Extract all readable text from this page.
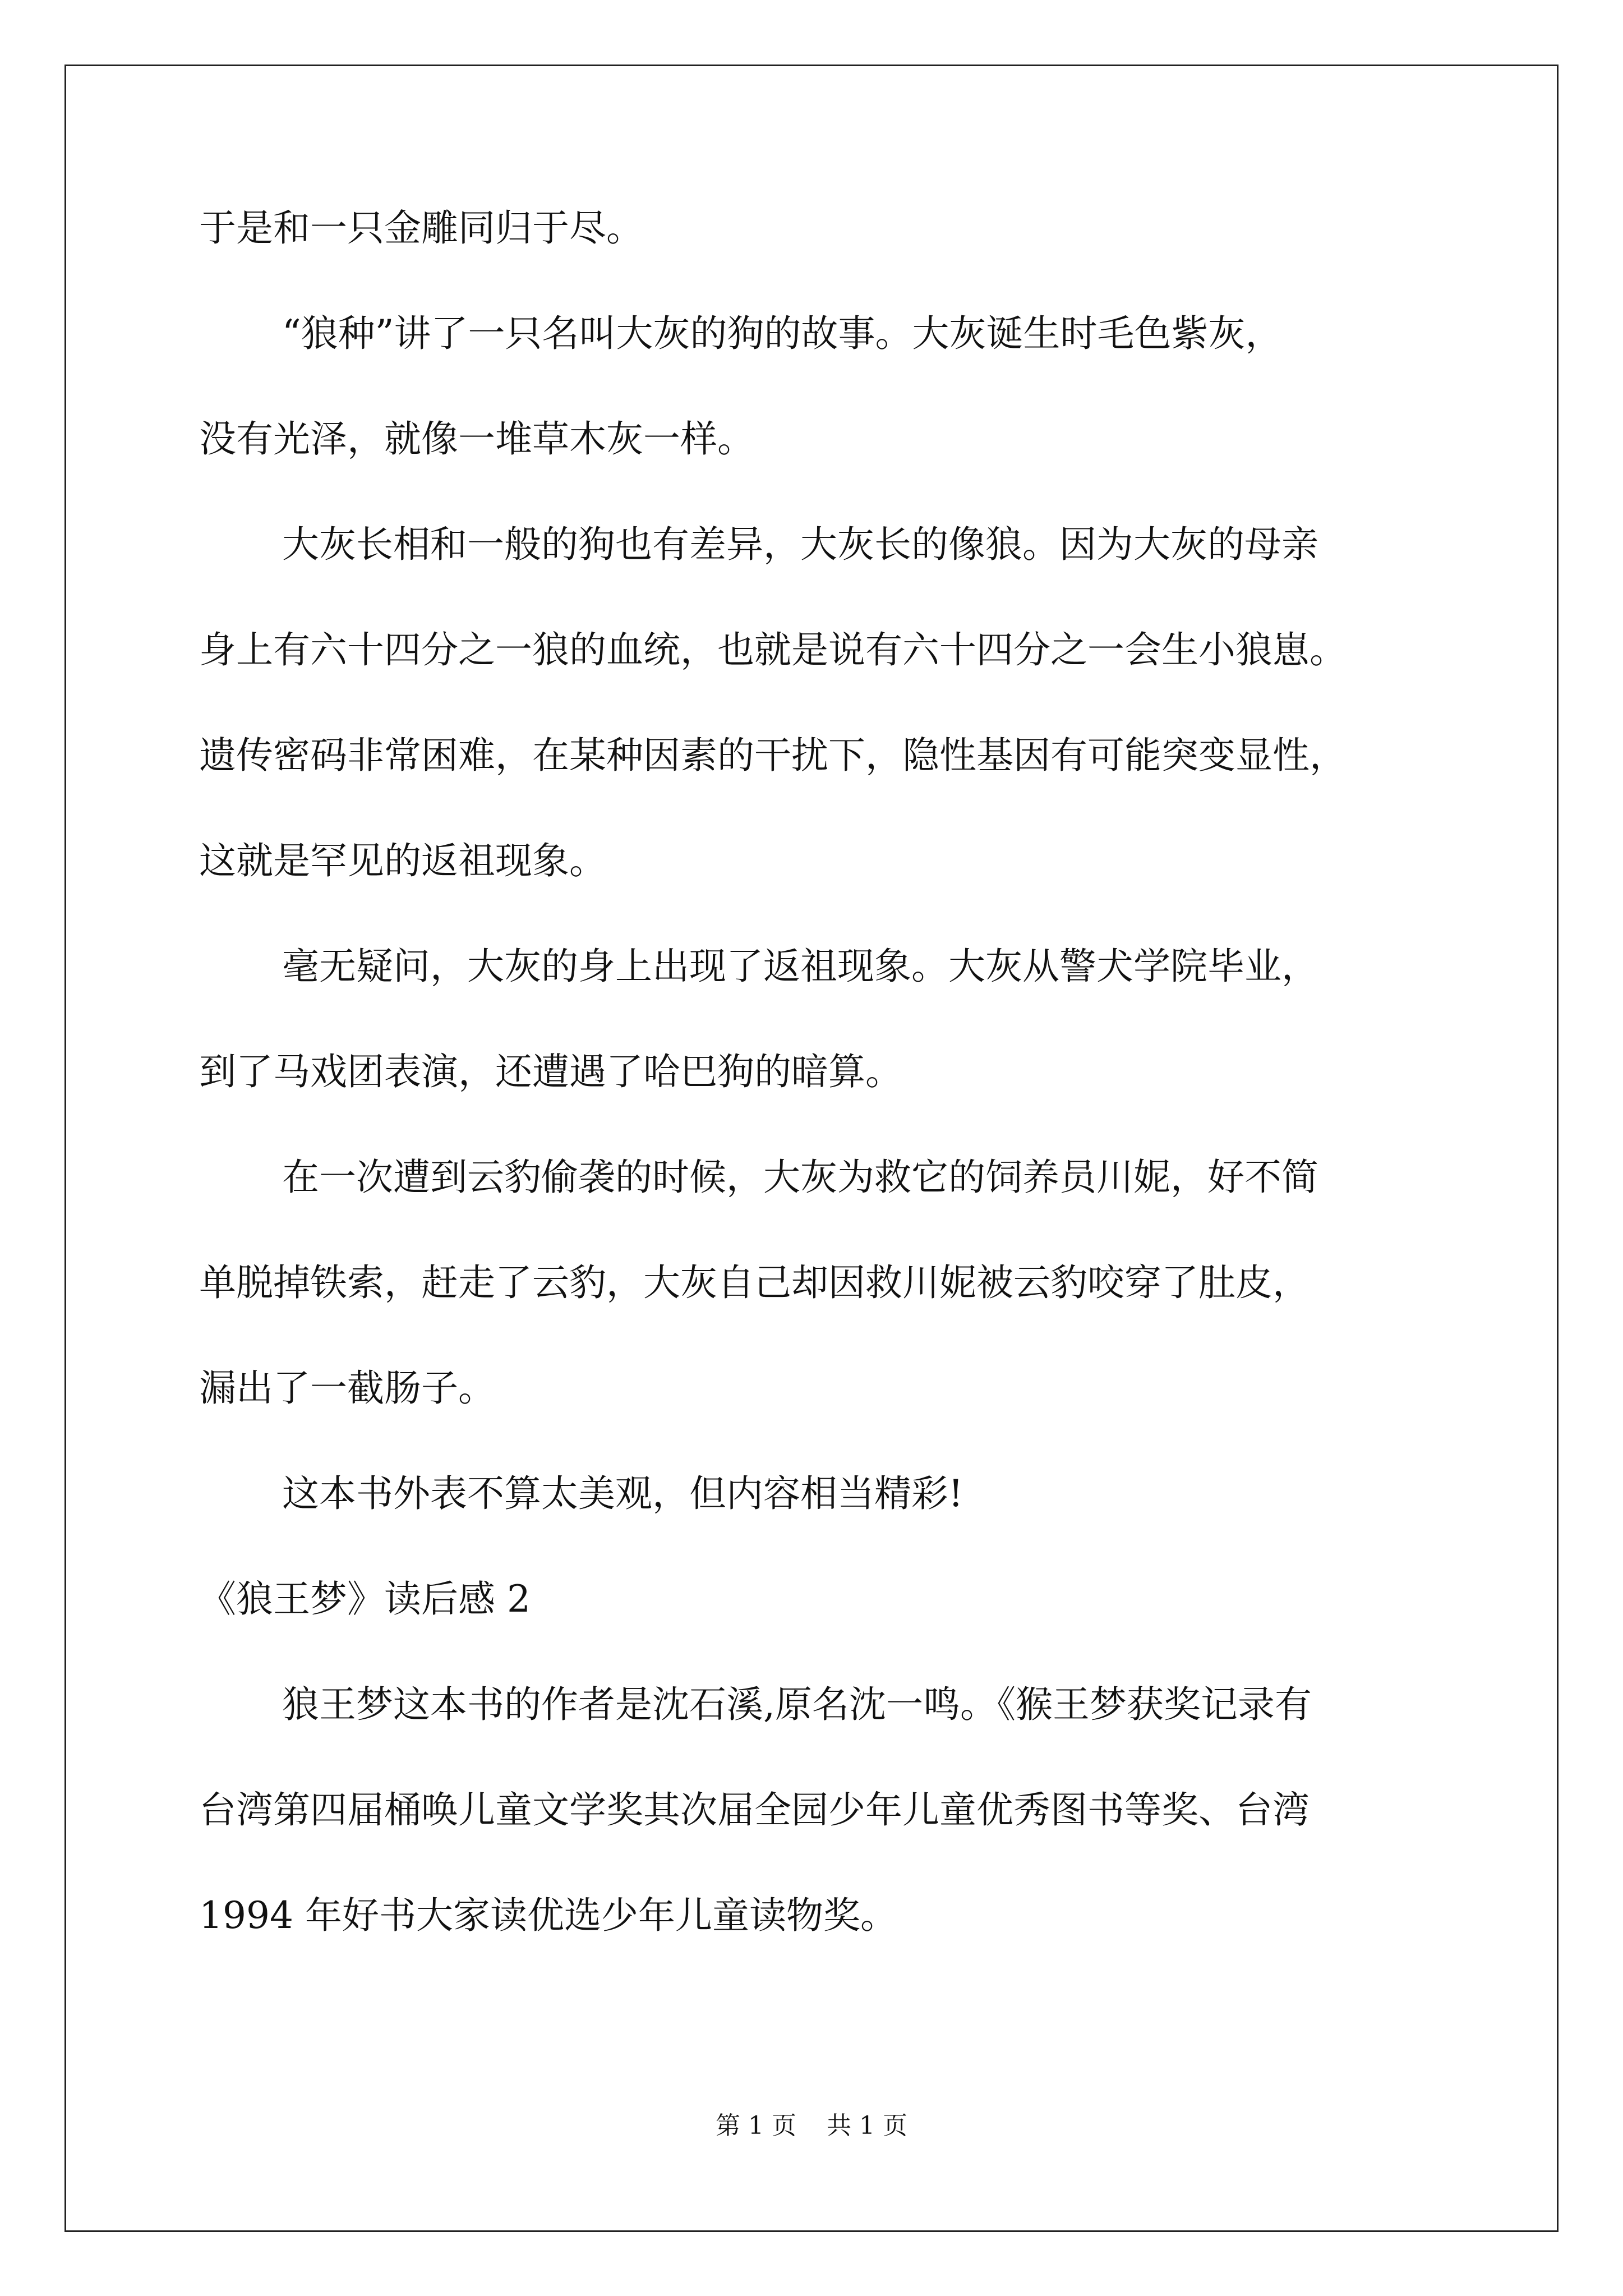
于是和一只金雕同归于尽。

“狼种”讲了一只名叫大灰的狗的故事。大灰诞生时毛色紫灰，

没有光泽，就像一堆草木灰一样。

大灰长相和一般的狗也有差异，大灰长的像狼。因为大灰的母亲

身上有六十四分之一狼的血统，也就是说有六十四分之一会生小狼崽。

遗传密码非常困难，在某种因素的干扰下，隐性基因有可能突变显性，

这就是罕见的返祖现象。

毫无疑问，大灰的身上出现了返祖现象。大灰从警犬学院毕业，

到了马戏团表演，还遭遇了哈巴狗的暗算。

在一次遭到云豹偷袭的时候，大灰为救它的饲养员川妮，好不简

单脱掉铁索，赶走了云豹，大灰自己却因救川妮被云豹咬穿了肚皮，

漏出了一截肠子。

这本书外表不算太美观，但内容相当精彩!

《狼王梦》读后感 2

狼王梦这本书的作者是沈石溪,原名沈一鸣。《猴王梦获奖记录有

台湾第四届桶唤儿童文学奖其次届全园少年儿童优秀图书等奖、台湾

1994 年好书大家读优选少年儿童读物奖。

第 1 页 共 1 页
